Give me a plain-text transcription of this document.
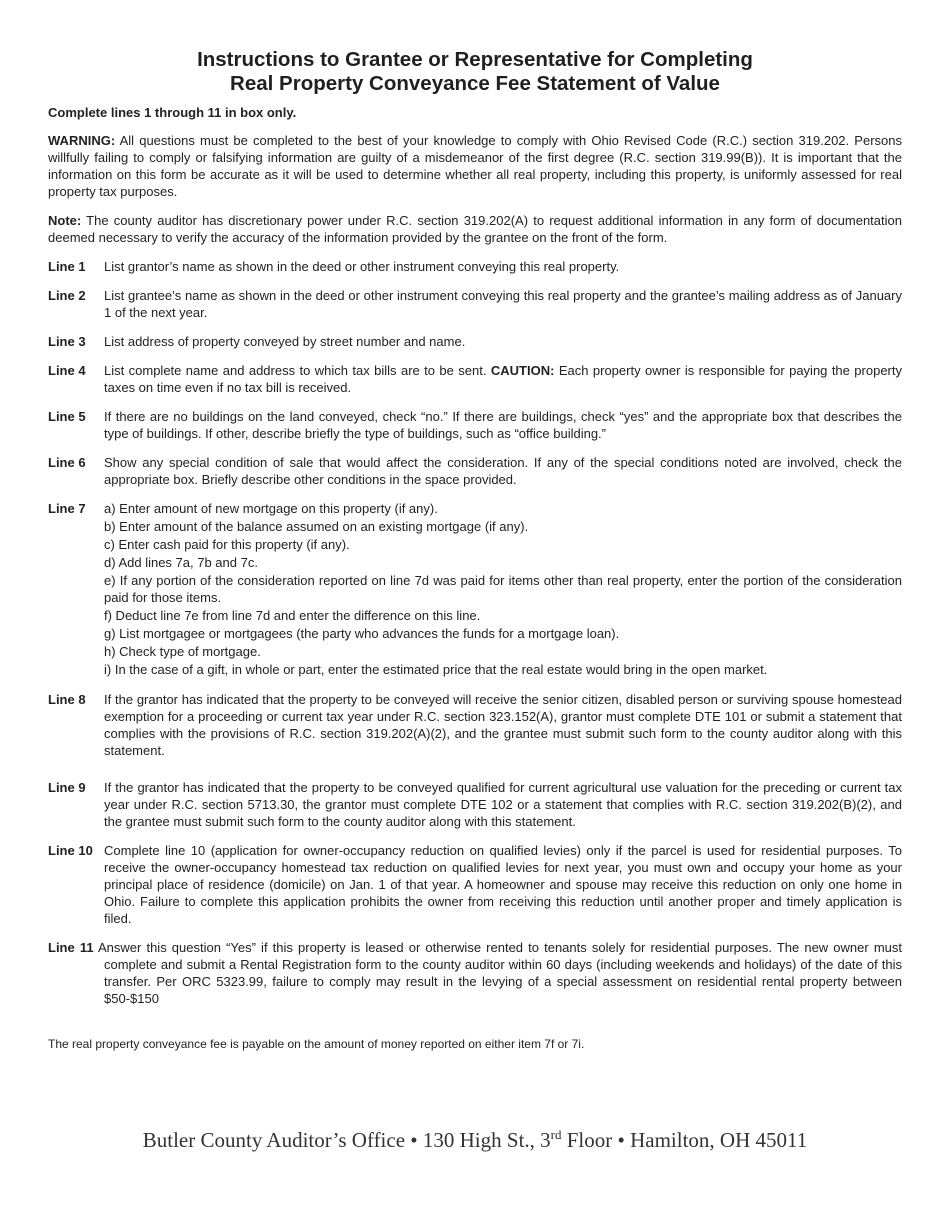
Instructions to Grantee or Representative for Completing
Real Property Conveyance Fee Statement of Value

Complete lines 1 through 11 in box only.

WARNING: All questions must be completed to the best of your knowledge to comply with Ohio Revised Code (R.C.) section 319.202. Persons willfully failing to comply or falsifying information are guilty of a misdemeanor of the first degree (R.C. section 319.99(B)). It is important that the information on this form be accurate as it will be used to determine whether all real property, including this property, is uniformly assessed for real property tax purposes.

Note: The county auditor has discretionary power under R.C. section 319.202(A) to request additional information in any form of documentation deemed necessary to verify the accuracy of the information provided by the grantee on the front of the form.

Line 1	List grantor’s name as shown in the deed or other instrument conveying this real property.
Line 2	List grantee’s name as shown in the deed or other instrument conveying this real property and the grantee’s mailing address as of January 1 of the next year.
Line 3	List address of property conveyed by street number and name.
Line 4	List complete name and address to which tax bills are to be sent. CAUTION: Each property owner is responsible for paying the property taxes on time even if no tax bill is received.
Line 5	If there are no buildings on the land conveyed, check “no.” If there are buildings, check “yes” and the appropriate box that describes the type of buildings. If other, describe briefly the type of buildings, such as “office building.”
Line 6	Show any special condition of sale that would affect the consideration. If any of the special conditions noted are involved, check the appropriate box. Briefly describe other conditions in the space provided.
Line 7	a) Enter amount of new mortgage on this property (if any).
b) Enter amount of the balance assumed on an existing mortgage (if any).
c) Enter cash paid for this property (if any).
d) Add lines 7a, 7b and 7c.
e) If any portion of the consideration reported on line 7d was paid for items other than real property, enter the portion of the consideration paid for those items.
f) Deduct line 7e from line 7d and enter the difference on this line.
g) List mortgagee or mortgagees (the party who advances the funds for a mortgage loan).
h) Check type of mortgage.
i) In the case of a gift, in whole or part, enter the estimated price that the real estate would bring in the open market.
Line 8	If the grantor has indicated that the property to be conveyed will receive the senior citizen, disabled person or surviving spouse homestead exemption for a proceeding or current tax year under R.C. section 323.152(A), grantor must complete DTE 101 or submit a statement that complies with the provisions of R.C. section 319.202(A)(2), and the grantee must submit such form to the county auditor along with this statement.
Line 9	If the grantor has indicated that the property to be conveyed qualified for current agricultural use valuation for the preceding or current tax year under R.C. section 5713.30, the grantor must complete DTE 102 or a statement that complies with R.C. section 319.202(B)(2), and the grantee must submit such form to the county auditor along with this statement.
Line 10 Complete line 10 (application for owner-occupancy reduction on qualified levies) only if the parcel is used for residential purposes. To receive the owner-occupancy homestead tax reduction on qualified levies for next year, you must own and occupy your home as your principal place of residence (domicile) on Jan. 1 of that year. A homeowner and spouse may receive this reduction on only one home in Ohio. Failure to complete this application prohibits the owner from receiving this reduction until another proper and timely application is filed.
Line 11 Answer this question “Yes” if this property is leased or otherwise rented to tenants solely for residential purposes. The new owner must complete and submit a Rental Registration form to the county auditor within 60 days (including weekends and holidays) of the date of this transfer. Per ORC 5323.99, failure to comply may result in the levying of a special assessment on residential rental property between $50-$150

The real property conveyance fee is payable on the amount of money reported on either item 7f or 7i.

Butler County Auditor’s Office • 130 High St., 3rd Floor • Hamilton, OH 45011
